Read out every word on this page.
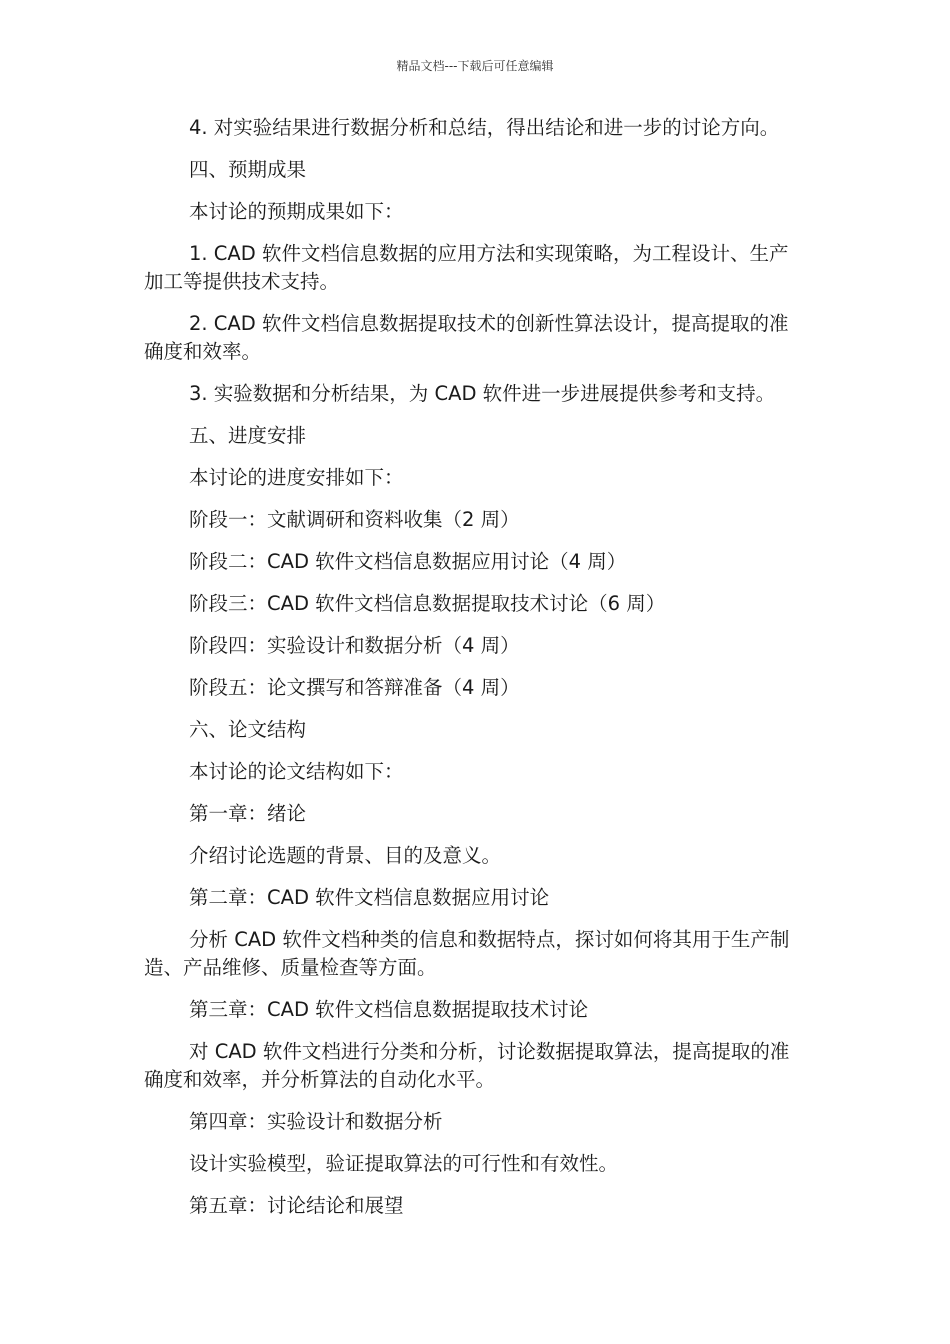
精品文档---下载后可任意编辑

4. 对实验结果进行数据分析和总结，得出结论和进一步的讨论方向。

四、预期成果

本讨论的预期成果如下：

1. CAD 软件文档信息数据的应用方法和实现策略，为工程设计、生产加工等提供技术支持。

2. CAD 软件文档信息数据提取技术的创新性算法设计，提高提取的准确度和效率。

3. 实验数据和分析结果，为 CAD 软件进一步进展提供参考和支持。

五、进度安排

本讨论的进度安排如下：

阶段一：文献调研和资料收集（2 周）

阶段二：CAD 软件文档信息数据应用讨论（4 周）

阶段三：CAD 软件文档信息数据提取技术讨论（6 周）

阶段四：实验设计和数据分析（4 周）

阶段五：论文撰写和答辩准备（4 周）

六、论文结构

本讨论的论文结构如下：

第一章：绪论

介绍讨论选题的背景、目的及意义。

第二章：CAD 软件文档信息数据应用讨论

分析 CAD 软件文档种类的信息和数据特点，探讨如何将其用于生产制造、产品维修、质量检查等方面。

第三章：CAD 软件文档信息数据提取技术讨论

对 CAD 软件文档进行分类和分析，讨论数据提取算法，提高提取的准确度和效率，并分析算法的自动化水平。

第四章：实验设计和数据分析

设计实验模型，验证提取算法的可行性和有效性。

第五章：讨论结论和展望
